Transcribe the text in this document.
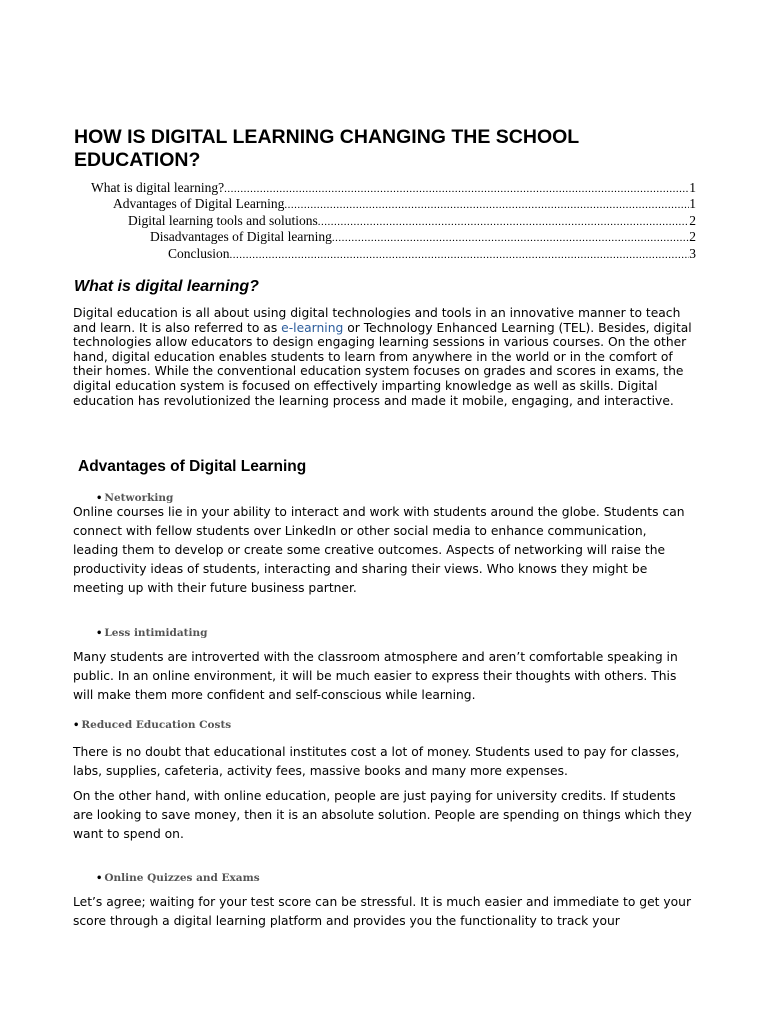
HOW IS DIGITAL LEARNING CHANGING THE SCHOOL EDUCATION?
What is digital learning? .....	1
Advantages of Digital Learning .....	1
Digital learning tools and solutions .....	2
Disadvantages of Digital learning .....	2
Conclusion .....	3
What is digital learning?

Digital education is all about using digital technologies and tools in an innovative manner to teach and learn. It is also referred to as e-learning or Technology Enhanced Learning (TEL). Besides, digital technologies allow educators to design engaging learning sessions in various courses. On the other hand, digital education enables students to learn from anywhere in the world or in the comfort of their homes. While the conventional education system focuses on grades and scores in exams, the digital education system is focused on effectively imparting knowledge as well as skills. Digital education has revolutionized the learning process and made it mobile, engaging, and interactive.

Advantages of Digital Learning
• Networking

Online courses lie in your ability to interact and work with students around the globe. Students can connect with fellow students over LinkedIn or other social media to enhance communication, leading them to develop or create some creative outcomes. Aspects of networking will raise the productivity ideas of students, interacting and sharing their views. Who knows they might be meeting up with their future business partner.

• Less intimidating

Many students are introverted with the classroom atmosphere and aren’t comfortable speaking in public. In an online environment, it will be much easier to express their thoughts with others. This will make them more confident and self-conscious while learning.

• Reduced Education Costs

There is no doubt that educational institutes cost a lot of money. Students used to pay for classes, labs, supplies, cafeteria, activity fees, massive books and many more expenses.

On the other hand, with online education, people are just paying for university credits. If students are looking to save money, then it is an absolute solution. People are spending on things which they want to spend on.

• Online Quizzes and Exams

Let’s agree; waiting for your test score can be stressful. It is much easier and immediate to get your score through a digital learning platform and provides you the functionality to track your
